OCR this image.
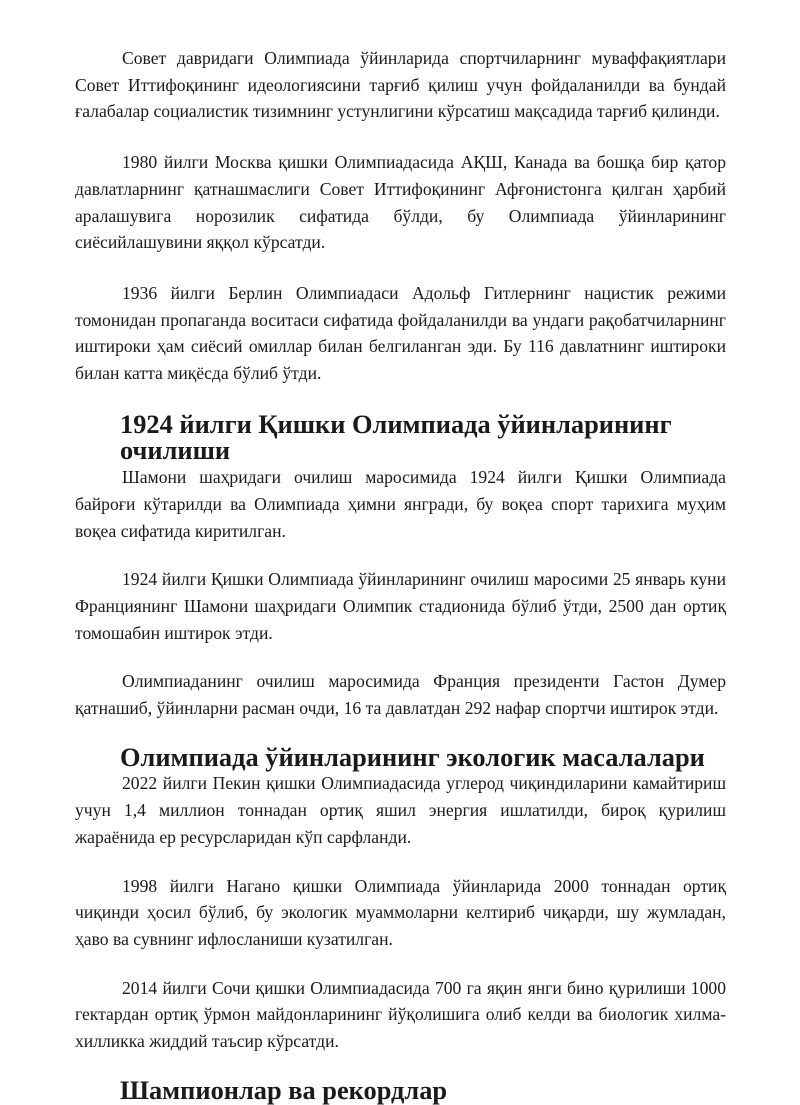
Совет давридаги Олимпиада ўйинларида спортчиларнинг муваффақиятлари Совет Иттифоқининг идеологиясини тарғиб қилиш учун фойдаланилди ва бундай ғалабалар социалистик тизимнинг устунлигини кўрсатиш мақсадида тарғиб қилинди.

1980 йилги Москва қишки Олимпиадасида АҚШ, Канада ва бошқа бир қатор давлатларнинг қатнашмаслиги Совет Иттифоқининг Афғонистонга қилган ҳарбий аралашувига норозилик сифатида бўлди, бу Олимпиада ўйинларининг сиёсийлашувини яққол кўрсатди.

1936 йилги Берлин Олимпиадаси Адольф Гитлернинг нацистик режими томонидан пропаганда воситаси сифатида фойдаланилди ва ундаги рақобатчиларнинг иштироки ҳам сиёсий омиллар билан белгиланган эди. Бу 116 давлатнинг иштироки билан катта миқёсда бўлиб ўтди.

1924 йилги Қишки Олимпиада ўйинларининг очилиши

Шамони шаҳридаги очилиш маросимида 1924 йилги Қишки Олимпиада байроғи кўтарилди ва Олимпиада ҳимни янгради, бу воқеа спорт тарихига муҳим воқеа сифатида киритилган.

1924 йилги Қишки Олимпиада ўйинларининг очилиш маросими 25 январь куни Франциянинг Шамони шаҳридаги Олимпик стадионида бўлиб ўтди, 2500 дан ортиқ томошабин иштирок этди.

Олимпиаданинг очилиш маросимида Франция президенти Гастон Думер қатнашиб, ўйинларни расман очди, 16 та давлатдан 292 нафар спортчи иштирок этди.

Олимпиада ўйинларининг экологик масалалари

2022 йилги Пекин қишки Олимпиадасида углерод чиқиндиларини камайтириш учун 1,4 миллион тоннадан ортиқ яшил энергия ишлатилди, бироқ қурилиш жараёнида ер ресурсларидан кўп сарфланди.

1998 йилги Нагано қишки Олимпиада ўйинларида 2000 тоннадан ортиқ чиқинди ҳосил бўлиб, бу экологик муаммоларни келтириб чиқарди, шу жумладан, ҳаво ва сувнинг ифлосланиши кузатилган.

2014 йилги Сочи қишки Олимпиадасида 700 га яқин янги бино қурилиши 1000 гектардан ортиқ ўрмон майдонларининг йўқолишига олиб келди ва биологик хилма-хилликка жиддий таъсир кўрсатди.

Шампионлар ва рекордлар
